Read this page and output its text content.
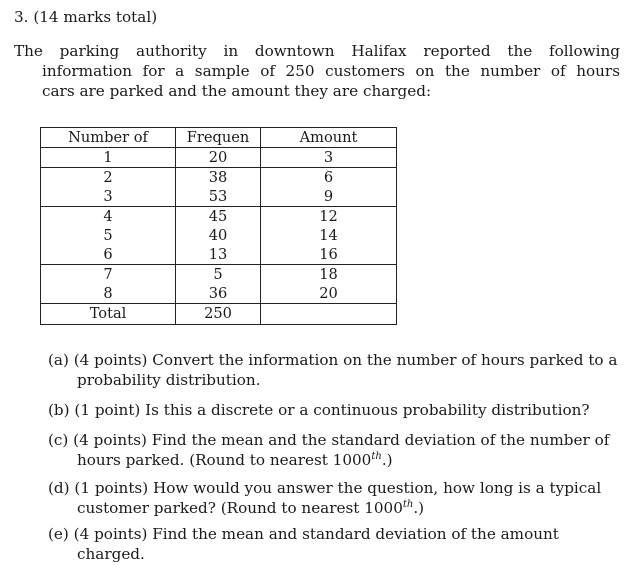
3. (14 marks total)
The parking authority in downtown Halifax reported the following
information for a sample of 250 customers on the number of hours
cars are parked and the amount they are charged:
Number of	Frequen	Amount
1	20	3
2	38	6
3	53	9
4	45	12
5	40	14
6	13	16
7	5	18
8	36	20
Total	250	
(a) (4 points) Convert the information on the number of hours parked to a probability distribution.
(b) (1 point) Is this a discrete or a continuous probability distribution?
(c) (4 points) Find the mean and the standard deviation of the number of hours parked. (Round to nearest 1000th.)
(d) (1 points) How would you answer the question, how long is a typical customer parked? (Round to nearest 1000th.)
(e) (4 points) Find the mean and standard deviation of the amount charged.
